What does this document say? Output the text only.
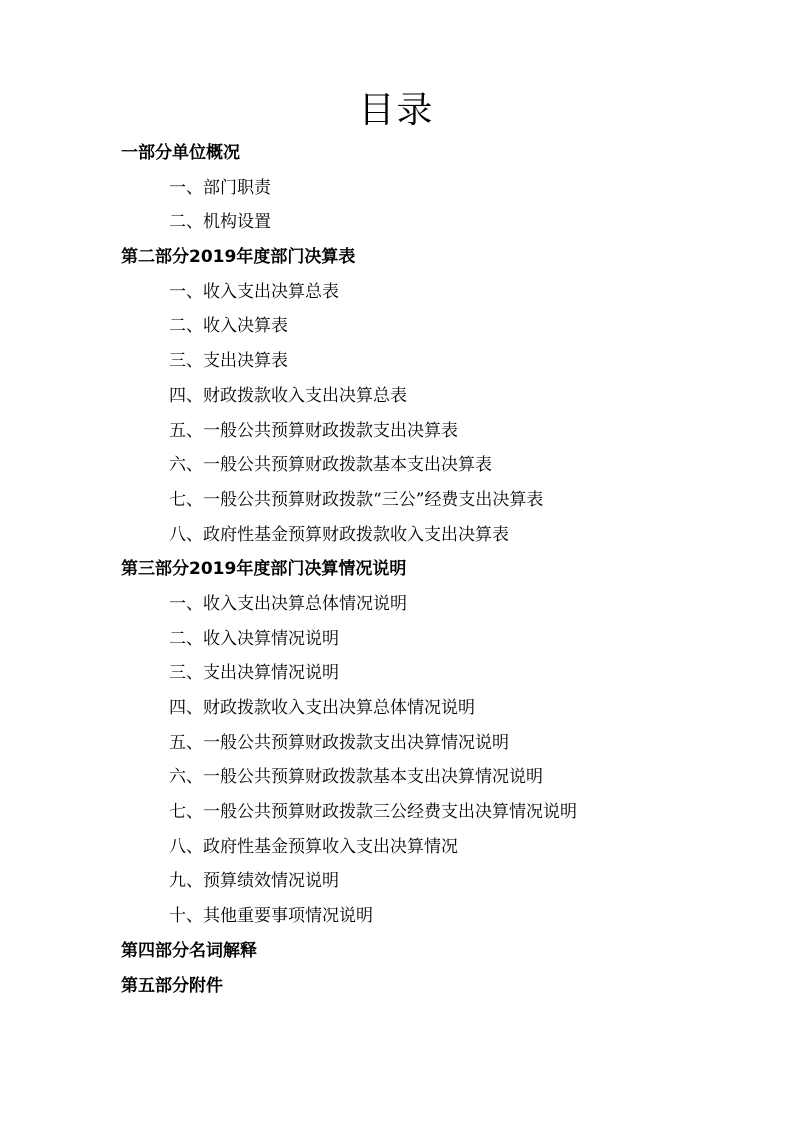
目录
一部分单位概况
一、部门职责
二、机构设置
第二部分2019年度部门决算表
一、收入支出决算总表
二、收入决算表
三、支出决算表
四、财政拨款收入支出决算总表
五、一般公共预算财政拨款支出决算表
六、一般公共预算财政拨款基本支出决算表
七、一般公共预算财政拨款“三公”经费支出决算表
八、政府性基金预算财政拨款收入支出决算表
第三部分2019年度部门决算情况说明
一、收入支出决算总体情况说明
二、收入决算情况说明
三、支出决算情况说明
四、财政拨款收入支出决算总体情况说明
五、一般公共预算财政拨款支出决算情况说明
六、一般公共预算财政拨款基本支出决算情况说明
七、一般公共预算财政拨款三公经费支出决算情况说明
八、政府性基金预算收入支出决算情况
九、预算绩效情况说明
十、其他重要事项情况说明
第四部分名词解释
第五部分附件
